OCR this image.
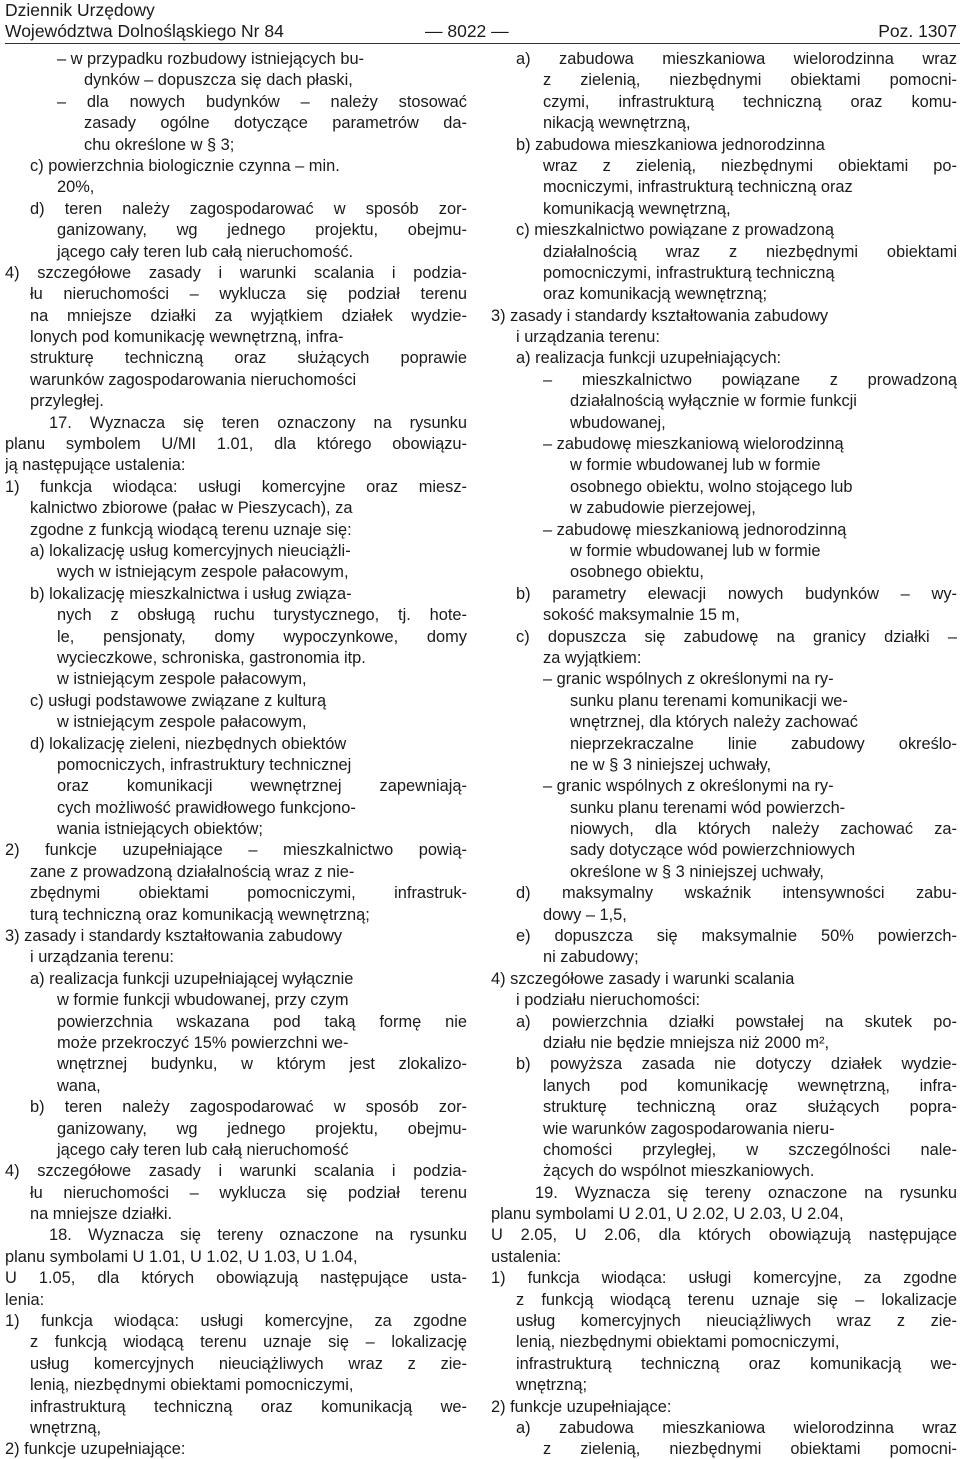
Dziennik Urzędowy
Województwa Dolnośląskiego Nr 84	— 8022 —	Poz. 1307
– w przypadku rozbudowy istniejących bu-
dynków – dopuszcza się dach płaski,
– dla nowych budynków – należy stosować
zasady ogólne dotyczące parametrów da-
chu określone w § 3;
c) powierzchnia biologicznie czynna – min.
20%,
d) teren należy zagospodarować w sposób zor-
ganizowany, wg jednego projektu, obejmu-
jącego cały teren lub całą nieruchomość.
4) szczegółowe zasady i warunki scalania i podzia-
łu nieruchomości – wyklucza się podział terenu
na mniejsze działki za wyjątkiem działek wydzie-
lonych pod komunikację wewnętrzną, infra-
strukturę techniczną oraz służących poprawie
warunków zagospodarowania nieruchomości
przyległej.
17. Wyznacza się teren oznaczony na rysunku
planu symbolem U/MI 1.01, dla którego obowiązu-
ją następujące ustalenia:
1) funkcja wiodąca: usługi komercyjne oraz miesz-
kalnictwo zbiorowe (pałac w Pieszycach), za
zgodne z funkcją wiodącą terenu uznaje się:
a) lokalizację usług komercyjnych nieuciążli-
wych w istniejącym zespole pałacowym,
b) lokalizację mieszkalnictwa i usług związa-
nych z obsługą ruchu turystycznego, tj. hote-
le, pensjonaty, domy wypoczynkowe, domy
wycieczkowe, schroniska, gastronomia itp.
w istniejącym zespole pałacowym,
c) usługi podstawowe związane z kulturą
w istniejącym zespole pałacowym,
d) lokalizację zieleni, niezbędnych obiektów
pomocniczych, infrastruktury technicznej
oraz komunikacji wewnętrznej zapewniają-
cych możliwość prawidłowego funkcjono-
wania istniejących obiektów;
2) funkcje uzupełniające – mieszkalnictwo powią-
zane z prowadzoną działalnością wraz z nie-
zbędnymi obiektami pomocniczymi, infrastruk-
turą techniczną oraz komunikacją wewnętrzną;
3) zasady i standardy kształtowania zabudowy
i urządzania terenu:
a) realizacja funkcji uzupełniającej wyłącznie
w formie funkcji wbudowanej, przy czym
powierzchnia wskazana pod taką formę nie
może przekroczyć 15% powierzchni we-
wnętrznej budynku, w którym jest zlokalizo-
wana,
b) teren należy zagospodarować w sposób zor-
ganizowany, wg jednego projektu, obejmu-
jącego cały teren lub całą nieruchomość
4) szczegółowe zasady i warunki scalania i podzia-
łu nieruchomości – wyklucza się podział terenu
na mniejsze działki.
18. Wyznacza się tereny oznaczone na rysunku
planu symbolami U 1.01, U 1.02, U 1.03, U 1.04,
U 1.05, dla których obowiązują następujące usta-
lenia:
1) funkcja wiodąca: usługi komercyjne, za zgodne
z funkcją wiodącą terenu uznaje się – lokalizację
usług komercyjnych nieuciążliwych wraz z zie-
lenią, niezbędnymi obiektami pomocniczymi,
infrastrukturą techniczną oraz komunikacją we-
wnętrzną,
2) funkcje uzupełniające:
a) zabudowa mieszkaniowa wielorodzinna wraz
z zielenią, niezbędnymi obiektami pomocni-
czymi, infrastrukturą techniczną oraz komu-
nikacją wewnętrzną,
b) zabudowa mieszkaniowa jednorodzinna
wraz z zielenią, niezbędnymi obiektami po-
mocniczymi, infrastrukturą techniczną oraz
komunikacją wewnętrzną,
c) mieszkalnictwo powiązane z prowadzoną
działalnością wraz z niezbędnymi obiektami
pomocniczymi, infrastrukturą techniczną
oraz komunikacją wewnętrzną;
3) zasady i standardy kształtowania zabudowy
i urządzania terenu:
a) realizacja funkcji uzupełniających:
– mieszkalnictwo powiązane z prowadzoną
działalnością wyłącznie w formie funkcji
wbudowanej,
– zabudowę mieszkaniową wielorodzinną
w formie wbudowanej lub w formie
osobnego obiektu, wolno stojącego lub
w zabudowie pierzejowej,
– zabudowę mieszkaniową jednorodzinną
w formie wbudowanej lub w formie
osobnego obiektu,
b) parametry elewacji nowych budynków – wy-
sokość maksymalnie 15 m,
c) dopuszcza się zabudowę na granicy działki –
za wyjątkiem:
– granic wspólnych z określonymi na ry-
sunku planu terenami komunikacji we-
wnętrznej, dla których należy zachować
nieprzekraczalne linie zabudowy określo-
ne w § 3 niniejszej uchwały,
– granic wspólnych z określonymi na ry-
sunku planu terenami wód powierzch-
niowych, dla których należy zachować za-
sady dotyczące wód powierzchniowych
określone w § 3 niniejszej uchwały,
d) maksymalny wskaźnik intensywności zabu-
dowy – 1,5,
e) dopuszcza się maksymalnie 50% powierzch-
ni zabudowy;
4) szczegółowe zasady i warunki scalania
i podziału nieruchomości:
a) powierzchnia działki powstałej na skutek po-
działu nie będzie mniejsza niż 2000 m²,
b) powyższa zasada nie dotyczy działek wydzie-
lanych pod komunikację wewnętrzną, infra-
strukturę techniczną oraz służących popra-
wie warunków zagospodarowania nieru-
chomości przyległej, w szczególności nale-
żących do wspólnot mieszkaniowych.
19. Wyznacza się tereny oznaczone na rysunku
planu symbolami U 2.01, U 2.02, U 2.03, U 2.04,
U 2.05, U 2.06, dla których obowiązują następujące
ustalenia:
1) funkcja wiodąca: usługi komercyjne, za zgodne
z funkcją wiodącą terenu uznaje się – lokalizacje
usług komercyjnych nieuciążliwych wraz z zie-
lenią, niezbędnymi obiektami pomocniczymi,
infrastrukturą techniczną oraz komunikacją we-
wnętrzną;
2) funkcje uzupełniające:
a) zabudowa mieszkaniowa wielorodzinna wraz
z zielenią, niezbędnymi obiektami pomocni-
